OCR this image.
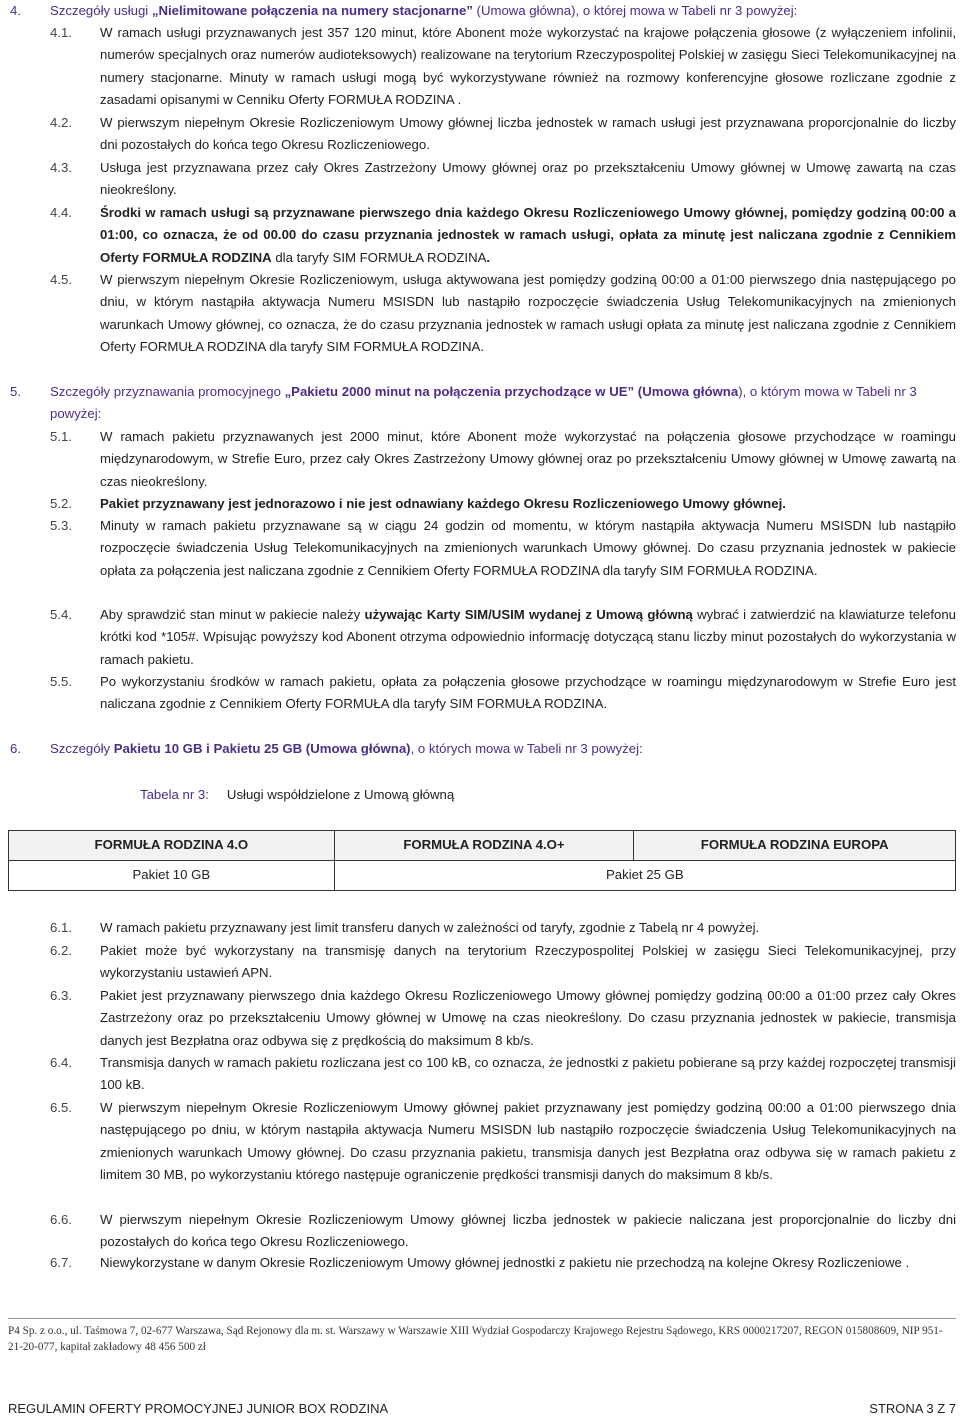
4. Szczegóły usługi „Nielimitowane połączenia na numery stacjonarne” (Umowa główna), o której mowa w Tabeli nr 3 powyżej:
4.1. W ramach usługi przyznawanych jest 357 120 minut, które Abonent może wykorzystać na krajowe połączenia głosowe (z wyłączeniem infolinii, numerów specjalnych oraz numerów audioteksowych) realizowane na terytorium Rzeczypospolitej Polskiej w zasięgu Sieci Telekomunikacyjnej na numery stacjonarne. Minuty w ramach usługi mogą być wykorzystywane również na rozmowy konferencyjne głosowe rozliczane zgodnie z zasadami opisanymi w Cenniku Oferty FORMUŁA RODZINA .
4.2. W pierwszym niepełnym Okresie Rozliczeniowym Umowy głównej liczba jednostek w ramach usługi jest przyznawana proporcjonalnie do liczby dni pozostałych do końca tego Okresu Rozliczeniowego.
4.3. Usługa jest przyznawana przez cały Okres Zastrzeżony Umowy głównej oraz po przekształceniu Umowy głównej w Umowę zawartą na czas nieokreślony.
4.4. Środki w ramach usługi są przyznawane pierwszego dnia każdego Okresu Rozliczeniowego Umowy głównej, pomiędzy godziną 00:00 a 01:00, co oznacza, że od 00.00 do czasu przyznania jednostek w ramach usługi, opłata za minutę jest naliczana zgodnie z Cennikiem Oferty FORMUŁA RODZINA dla taryfy SIM FORMUŁA RODZINA.
4.5. W pierwszym niepełnym Okresie Rozliczeniowym, usługa aktywowana jest pomiędzy godziną 00:00 a 01:00 pierwszego dnia następującego po dniu, w którym nastąpiła aktywacja Numeru MSISDN lub nastąpiło rozpoczęcie świadczenia Usług Telekomunikacyjnych na zmienionych warunkach Umowy głównej, co oznacza, że do czasu przyznania jednostek w ramach usługi opłata za minutę jest naliczana zgodnie z Cennikiem Oferty FORMUŁA RODZINA dla taryfy SIM FORMUŁA RODZINA.
5. Szczegóły przyznawania promocyjnego „Pakietu 2000 minut na połączenia przychodzące w UE” (Umowa główna), o którym mowa w Tabeli nr 3 powyżej:
5.1. W ramach pakietu przyznawanych jest 2000 minut, które Abonent może wykorzystać na połączenia głosowe przychodzące w roamingu międzynarodowym, w Strefie Euro, przez cały Okres Zastrzeżony Umowy głównej oraz po przekształceniu Umowy głównej w Umowę zawartą na czas nieokreślony.
5.2. Pakiet przyznawany jest jednorazowo i nie jest odnawiany każdego Okresu Rozliczeniowego Umowy głównej.
5.3. Minuty w ramach pakietu przyznawane są w ciągu 24 godzin od momentu, w którym nastąpiła aktywacja Numeru MSISDN lub nastąpiło rozpoczęcie świadczenia Usług Telekomunikacyjnych na zmienionych warunkach Umowy głównej. Do czasu przyznania jednostek w pakiecie opłata za połączenia jest naliczana zgodnie z Cennikiem Oferty FORMUŁA RODZINA dla taryfy SIM FORMUŁA RODZINA.
5.4. Aby sprawdzić stan minut w pakiecie należy używając Karty SIM/USIM wydanej z Umową główną wybrać i zatwierdzić na klawiaturze telefonu krótki kod *105#. Wpisując powyższy kod Abonent otrzyma odpowiednio informację dotyczącą stanu liczby minut pozostałych do wykorzystania w ramach pakietu.
5.5. Po wykorzystaniu środków w ramach pakietu, opłata za połączenia głosowe przychodzące w roamingu międzynarodowym w Strefie Euro jest naliczana zgodnie z Cennikiem Oferty FORMUŁA dla taryfy SIM FORMUŁA RODZINA.
6. Szczegóły Pakietu 10 GB i Pakietu 25 GB (Umowa główna), o których mowa w Tabeli nr 3 powyżej:
Tabela nr 3: Usługi współdzielone z Umową główną
FORMUŁA RODZINA 4.O	FORMUŁA RODZINA 4.O+	FORMUŁA RODZINA EUROPA
Pakiet 10 GB	Pakiet 25 GB	
6.1. W ramach pakietu przyznawany jest limit transferu danych w zależności od taryfy, zgodnie z Tabelą nr 4 powyżej.
6.2. Pakiet może być wykorzystany na transmisję danych na terytorium Rzeczypospolitej Polskiej w zasięgu Sieci Telekomunikacyjnej, przy wykorzystaniu ustawień APN.
6.3. Pakiet jest przyznawany pierwszego dnia każdego Okresu Rozliczeniowego Umowy głównej pomiędzy godziną 00:00 a 01:00 przez cały Okres Zastrzeżony oraz po przekształceniu Umowy głównej w Umowę na czas nieokreślony. Do czasu przyznania jednostek w pakiecie, transmisja danych jest Bezpłatna oraz odbywa się z prędkością do maksimum 8 kb/s.
6.4. Transmisja danych w ramach pakietu rozliczana jest co 100 kB, co oznacza, że jednostki z pakietu pobierane są przy każdej rozpoczętej transmisji 100 kB.
6.5. W pierwszym niepełnym Okresie Rozliczeniowym Umowy głównej pakiet przyznawany jest pomiędzy godziną 00:00 a 01:00 pierwszego dnia następującego po dniu, w którym nastąpiła aktywacja Numeru MSISDN lub nastąpiło rozpoczęcie świadczenia Usług Telekomunikacyjnych na zmienionych warunkach Umowy głównej. Do czasu przyznania pakietu, transmisja danych jest Bezpłatna oraz odbywa się w ramach pakietu z limitem 30 MB, po wykorzystaniu którego następuje ograniczenie prędkości transmisji danych do maksimum 8 kb/s.
6.6. W pierwszym niepełnym Okresie Rozliczeniowym Umowy głównej liczba jednostek w pakiecie naliczana jest proporcjonalnie do liczby dni pozostałych do końca tego Okresu Rozliczeniowego.
6.7. Niewykorzystane w danym Okresie Rozliczeniowym Umowy głównej jednostki z pakietu nie przechodzą na kolejne Okresy Rozliczeniowe .
P4 Sp. z o.o., ul. Taśmowa 7, 02-677 Warszawa, Sąd Rejonowy dla m. st. Warszawy w Warszawie XIII Wydział Gospodarczy Krajowego Rejestru Sądowego, KRS 0000217207, REGON 015808609, NIP 951-21-20-077, kapitał zakładowy 48 456 500 zł
REGULAMIN OFERTY PROMOCYJNEJ JUNIOR BOX RODZINA	STRONA 3 Z 7
